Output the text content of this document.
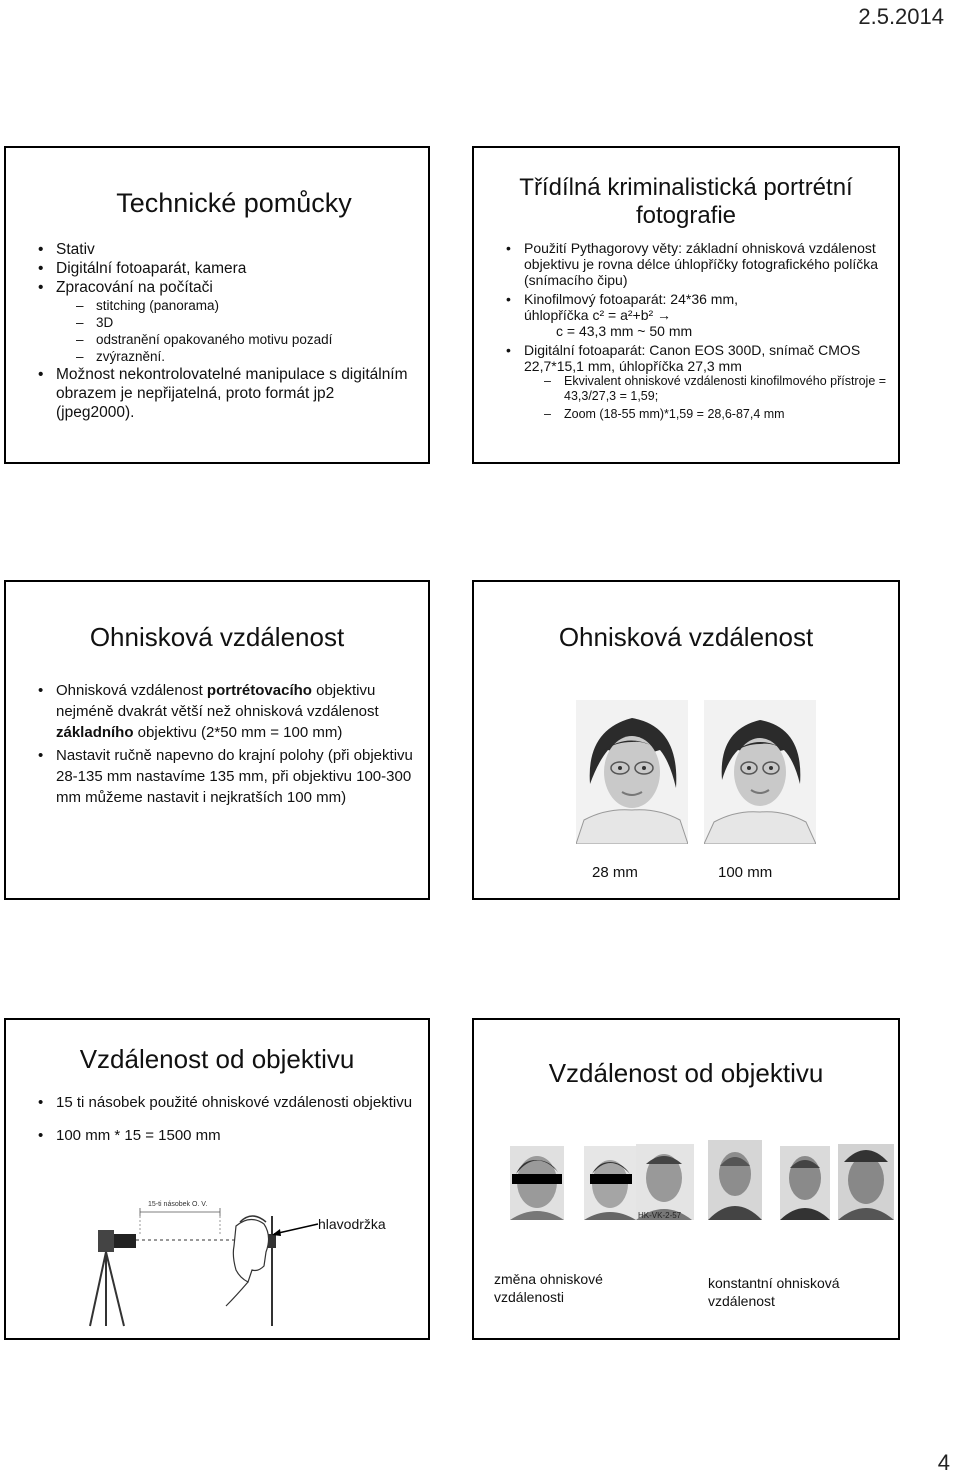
2.5.2014
Technické pomůcky
• Stativ
• Digitální fotoaparát, kamera
• Zpracování na počítači
– stitching (panorama)
– 3D
– odstranění opakovaného motivu pozadí
– zvýraznění.
• Možnost nekontrolovatelné manipulace s digitálním obrazem je nepřijatelná, proto formát jp2 (jpeg2000).
Třídílná kriminalistická portrétní fotografie
• Použití Pythagorovy věty: základní ohnisková vzdálenost objektivu je rovna délce úhlopříčky fotografického políčka (snímacího čipu)
• Kinofilmový fotoaparát: 24*36 mm,
úhlopříčka c² = a²+b² →

c = 43,3 mm ~ 50 mm
• Digitální fotoaparát: Canon EOS 300D, snímač CMOS 22,7*15,1 mm, úhlopříčka 27,3 mm
– Ekvivalent ohniskové vzdálenosti kinofilmového přístroje = 43,3/27,3 = 1,59;
– Zoom (18-55 mm)*1,59 = 28,6-87,4 mm
Ohnisková vzdálenost
• Ohnisková vzdálenost portrétovacího objektivu nejméně dvakrát větší než ohnisková vzdálenost základního objektivu (2*50 mm = 100 mm)
• Nastavit ručně napevno do krajní polohy (při objektivu 28-135 mm nastavíme 135 mm, při objektivu 100-300 mm můžeme nastavit i nejkratších 100 mm)
Ohnisková vzdálenost
28 mm	100 mm
Vzdálenost od objektivu
• 15 ti násobek použité ohniskové vzdálenosti objektivu
• 100 mm * 15 = 1500 mm
15-ti násobek O. V.
hlavodržka
Vzdálenost od objektivu
HK-VK-2-57
změna ohniskové vzdálenosti
konstantní ohnisková vzdálenost
4
